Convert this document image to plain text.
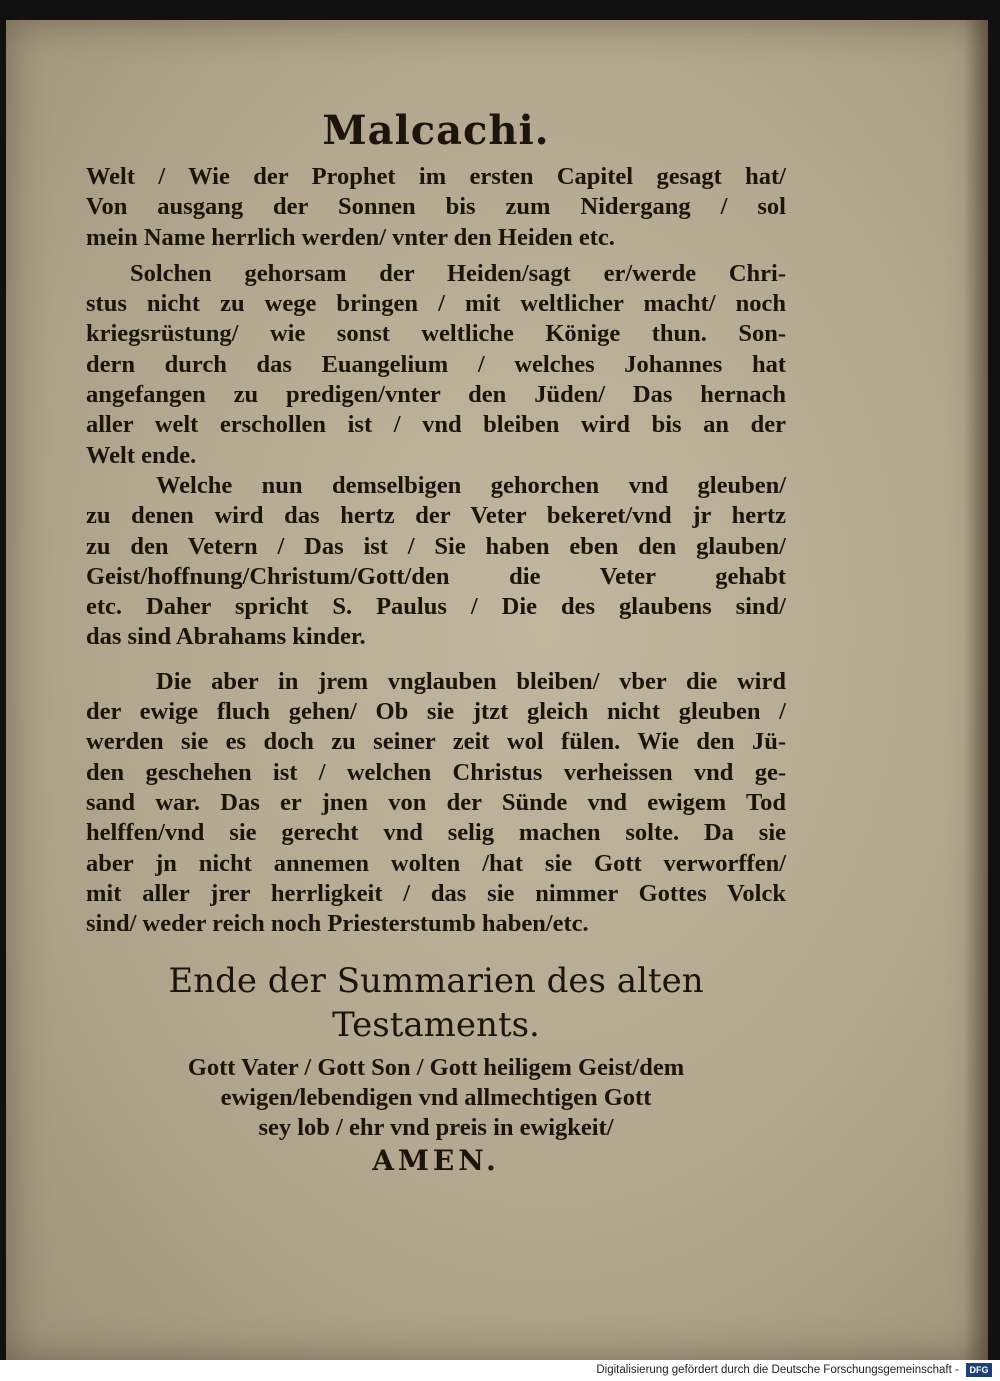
Malcachi.
Welt / Wie der Prophet im ersten Capitel gesagt hat/
Von ausgang der Sonnen bis zum Nidergang / sol
mein Name herrlich werden/ vnter den Heiden etc.
Solchen gehorsam der Heiden/sagt er/werde Chri-
stus nicht zu wege bringen / mit weltlicher macht/ noch
kriegsrüstung/ wie sonst weltliche Könige thun. Son-
dern durch das Euangelium / welches Johannes hat
angefangen zu predigen/vnter den Jüden/ Das hernach
aller welt erschollen ist / vnd bleiben wird bis an der
Welt ende.
Welche nun demselbigen gehorchen vnd gleuben/
zu denen wird das hertz der Veter bekeret/vnd jr hertz
zu den Vetern / Das ist / Sie haben eben den glauben/
Geist/hoffnung/Christum/Gott/den die Veter gehabt
etc. Daher spricht S. Paulus / Die des glaubens sind/
das sind Abrahams kinder.
Die aber in jrem vnglauben bleiben/ vber die wird
der ewige fluch gehen/ Ob sie jtzt gleich nicht gleuben /
werden sie es doch zu seiner zeit wol fülen. Wie den Jü-
den geschehen ist / welchen Christus verheissen vnd ge-
sand war. Das er jnen von der Sünde vnd ewigem Tod
helffen/vnd sie gerecht vnd selig machen solte. Da sie
aber jn nicht annemen wolten /hat sie Gott verworffen/
mit aller jrer herrligkeit / das sie nimmer Gottes Volck
sind/ weder reich noch Priesterstumb haben/etc.
Ende der Summarien des alten
Testaments.
Gott Vater / Gott Son / Gott heiligem Geist/dem
ewigen/lebendigen vnd allmechtigen Gott
sey lob / ehr vnd preis in ewigkeit/
AMEN.
Digitalisierung gefördert durch die Deutsche Forschungsgemeinschaft - DFG
